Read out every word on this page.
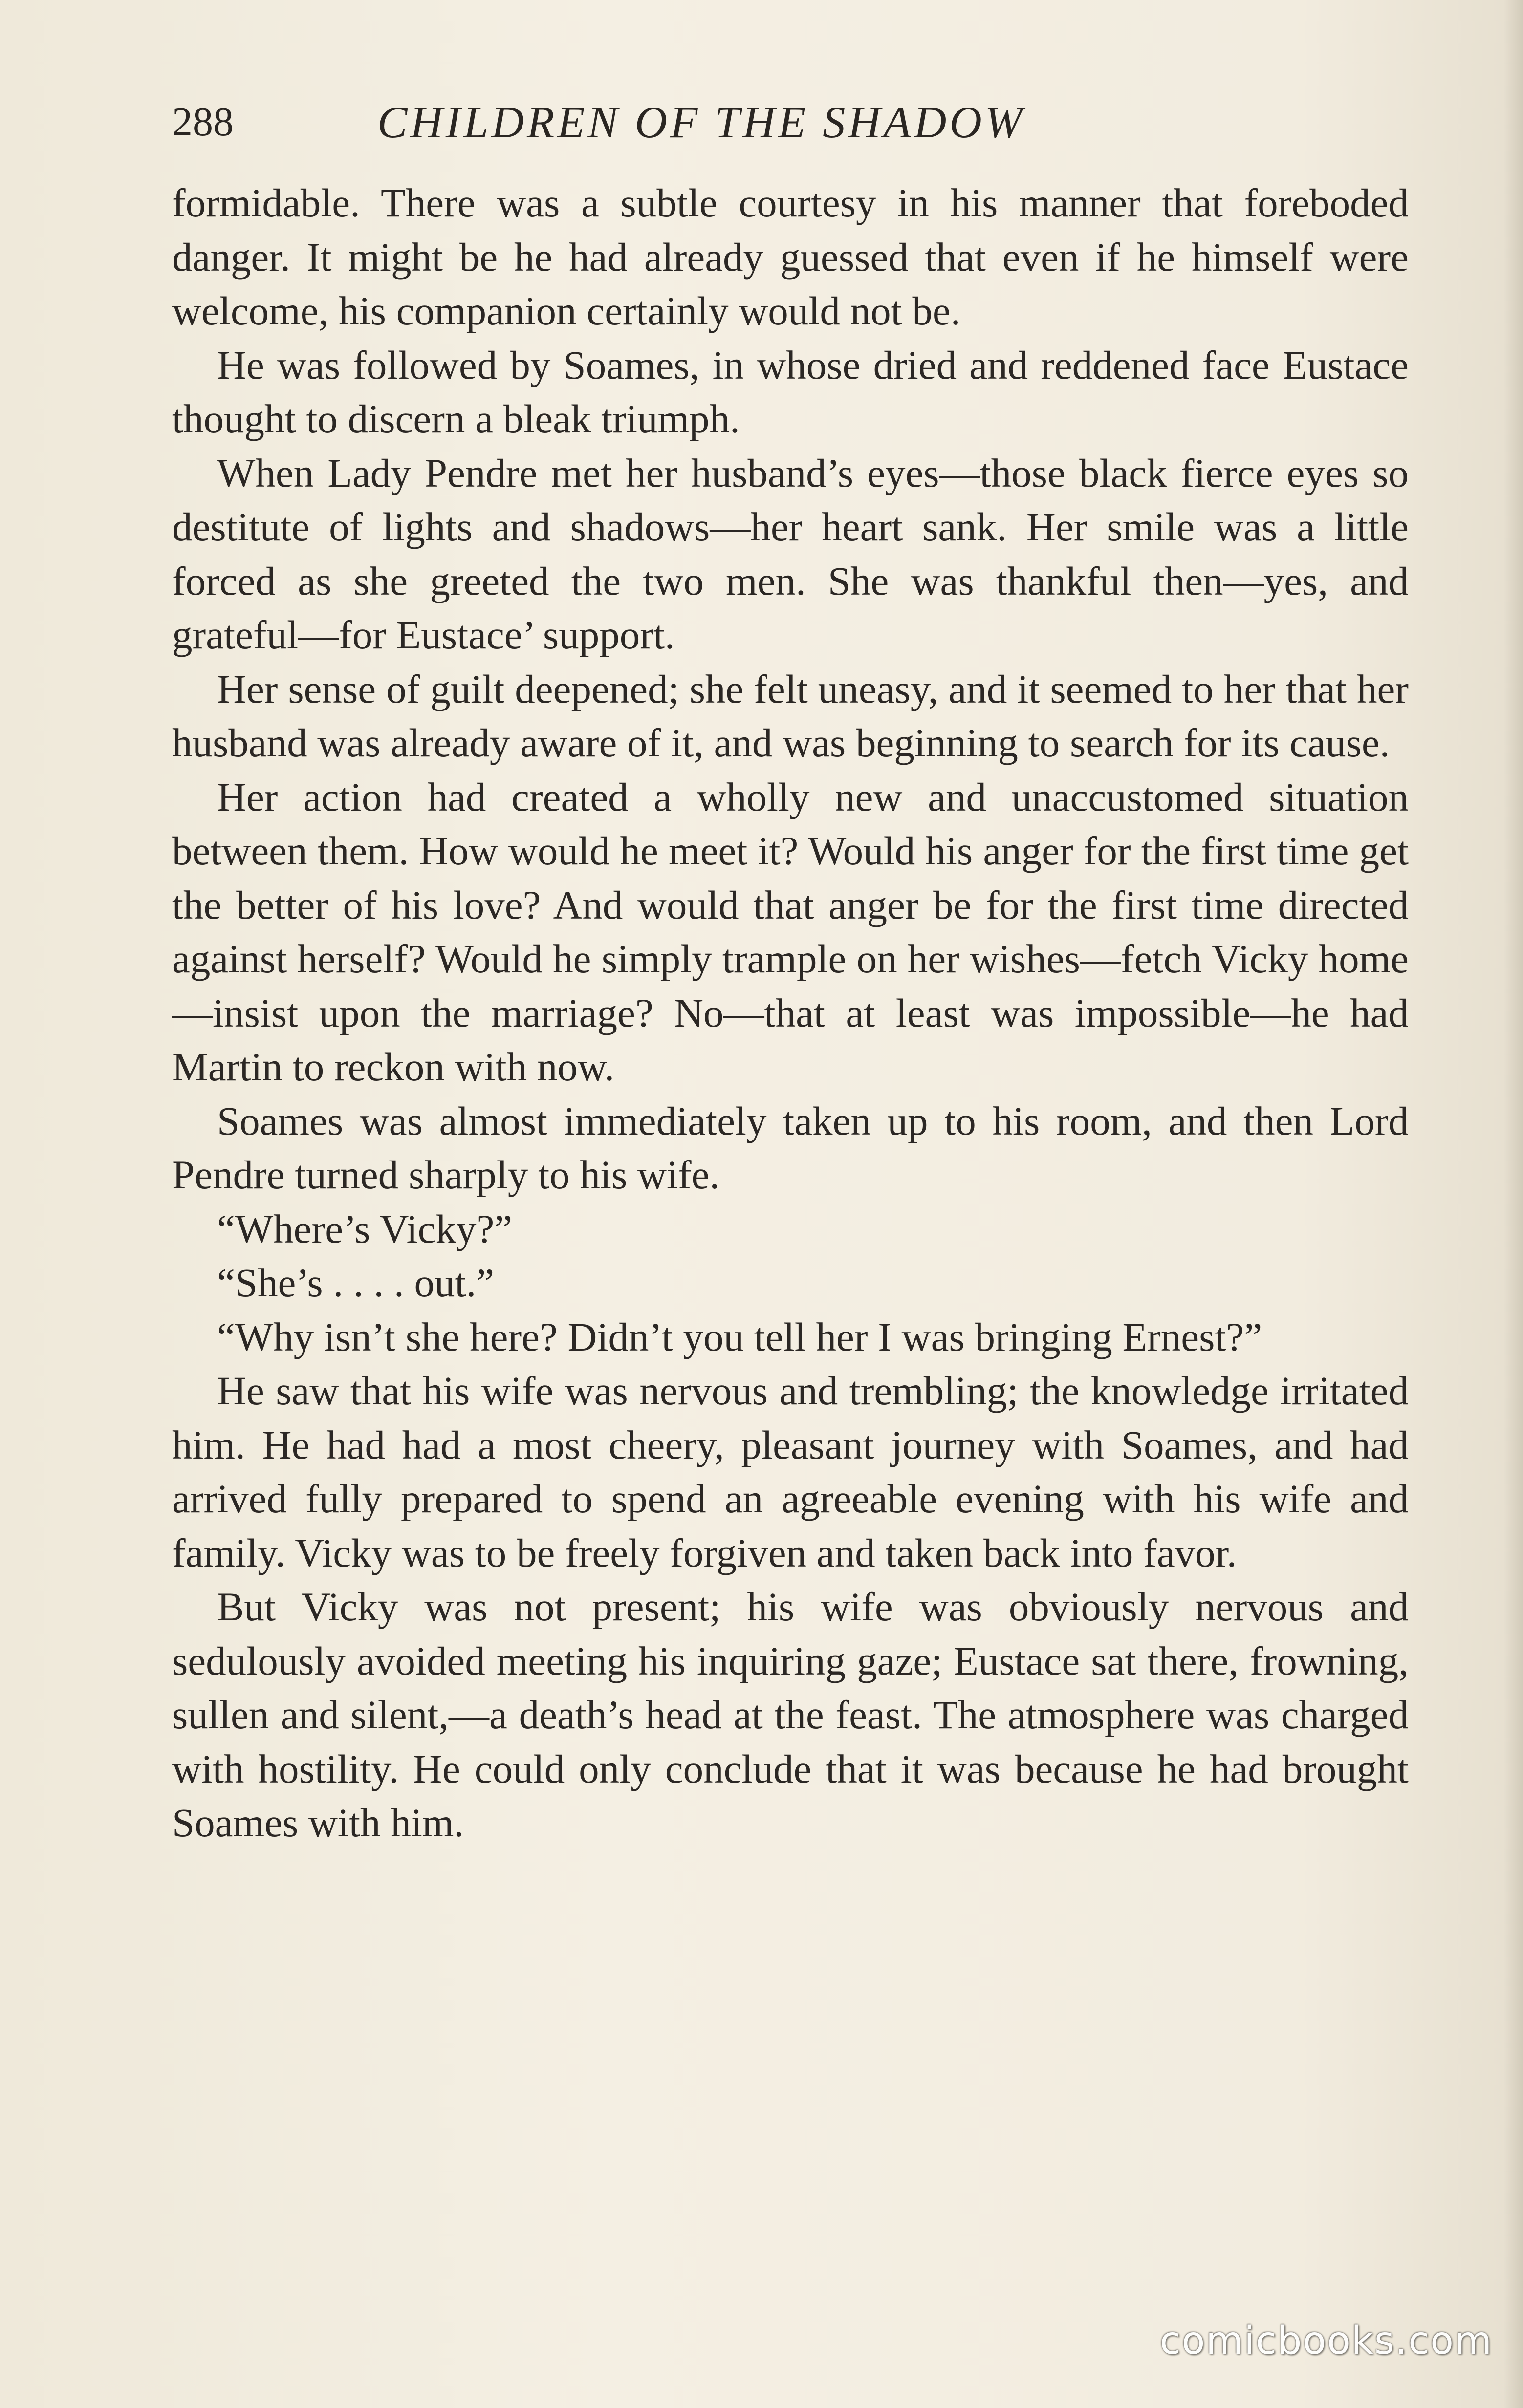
288	CHILDREN OF THE SHADOW

formidable. There was a subtle courtesy in his manner that foreboded danger. It might be he had already guessed that even if he himself were welcome, his companion certainly would not be.

He was followed by Soames, in whose dried and reddened face Eustace thought to discern a bleak triumph.

When Lady Pendre met her husband’s eyes—those black fierce eyes so destitute of lights and shadows—her heart sank. Her smile was a little forced as she greeted the two men. She was thankful then—yes, and grateful—for Eustace’ support.

Her sense of guilt deepened; she felt uneasy, and it seemed to her that her husband was already aware of it, and was beginning to search for its cause.

Her action had created a wholly new and unaccustomed situation between them. How would he meet it? Would his anger for the first time get the better of his love? And would that anger be for the first time directed against herself? Would he simply trample on her wishes—fetch Vicky home—insist upon the marriage? No—that at least was impossible—he had Martin to reckon with now.

Soames was almost immediately taken up to his room, and then Lord Pendre turned sharply to his wife.

“Where’s Vicky?”

“She’s . . . . out.”

“Why isn’t she here? Didn’t you tell her I was bringing Ernest?”

He saw that his wife was nervous and trembling; the knowledge irritated him. He had had a most cheery, pleasant journey with Soames, and had arrived fully prepared to spend an agreeable evening with his wife and family. Vicky was to be freely forgiven and taken back into favor.

But Vicky was not present; his wife was obviously nervous and sedulously avoided meeting his inquiring gaze; Eustace sat there, frowning, sullen and silent,—a death’s head at the feast. The atmosphere was charged with hostility. He could only conclude that it was because he had brought Soames with him.

comicbooks.com
